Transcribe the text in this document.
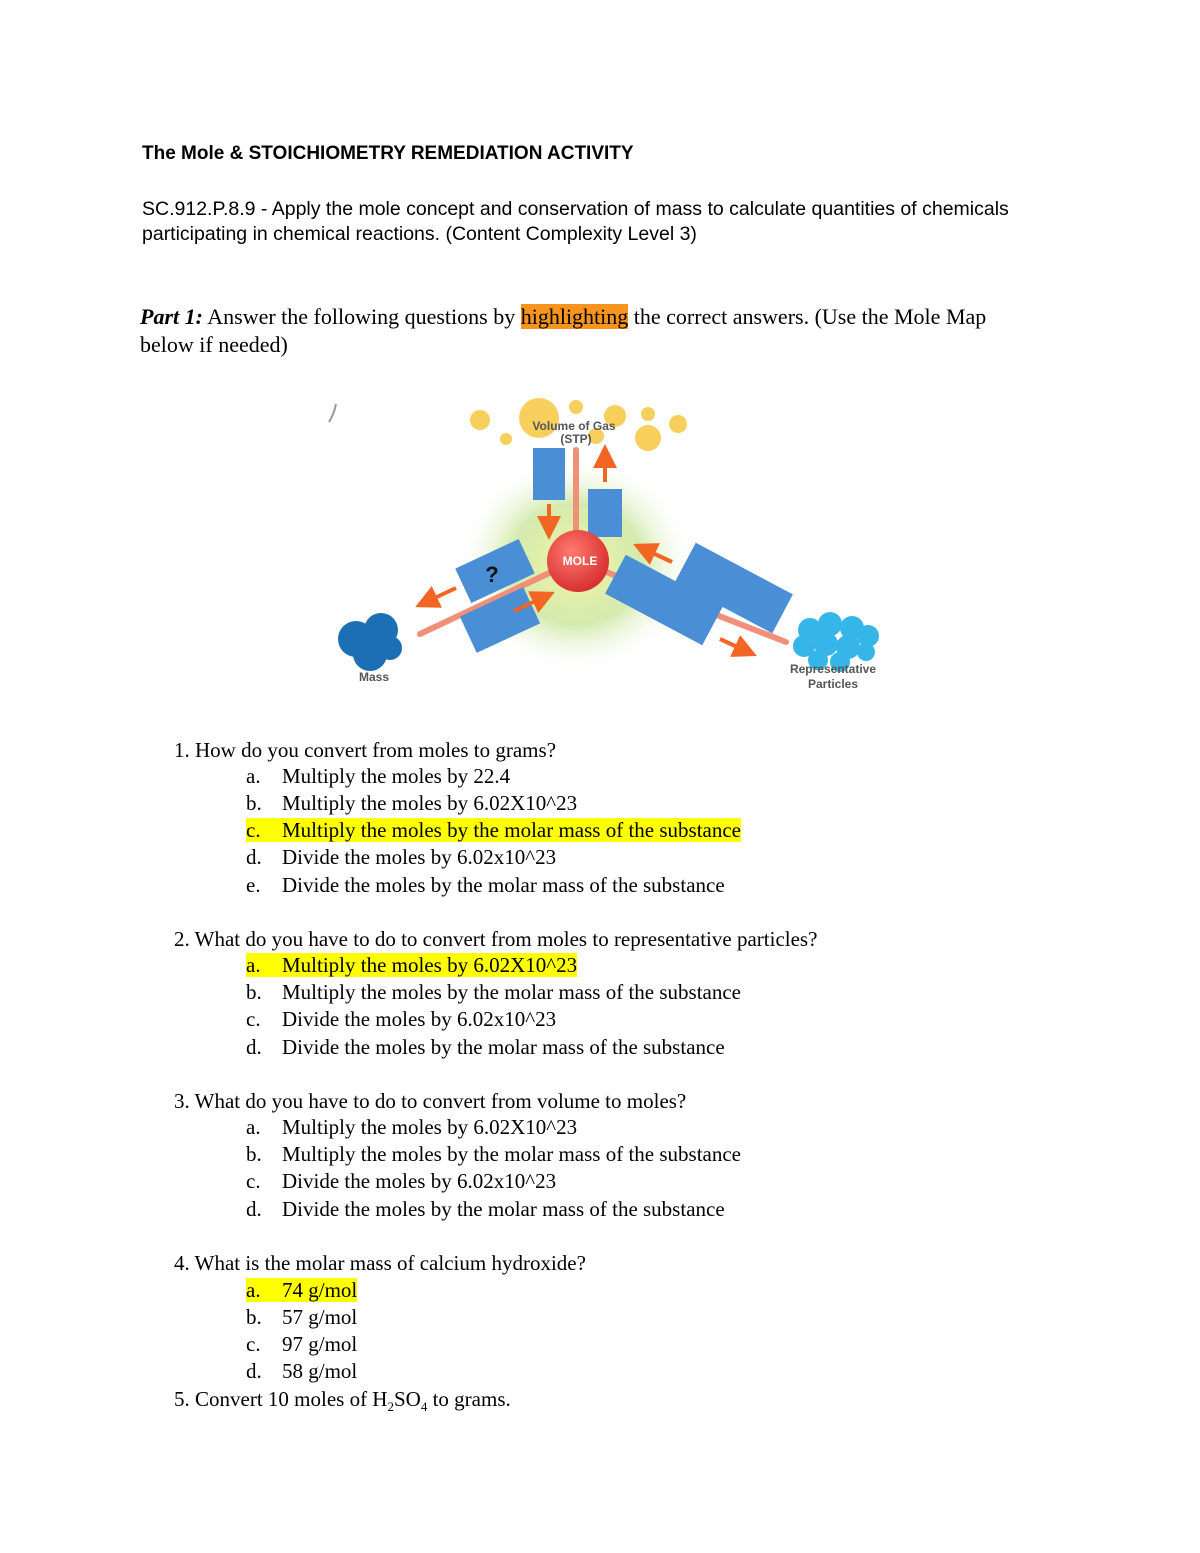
The Mole & STOICHIOMETRY REMEDIATION ACTIVITY

SC.912.P.8.9 - Apply the mole concept and conservation of mass to calculate quantities of chemicals participating in chemical reactions. (Content Complexity Level 3)

Part 1: Answer the following questions by highlighting the correct answers. (Use the Mole Map below if needed)

Volume of Gas
(STP)
?
MOLE
Mass
Representative
Particles

1. How do you convert from moles to grams?

a. Multiply the moles by 22.4

b. Multiply the moles by 6.02X10^23

c. Multiply the moles by the molar mass of the substance

d. Divide the moles by 6.02x10^23

e. Divide the moles by the molar mass of the substance

2. What do you have to do to convert from moles to representative particles?

a. Multiply the moles by 6.02X10^23

b. Multiply the moles by the molar mass of the substance

c. Divide the moles by 6.02x10^23

d. Divide the moles by the molar mass of the substance

3. What do you have to do to convert from volume to moles?

a. Multiply the moles by 6.02X10^23

b. Multiply the moles by the molar mass of the substance

c. Divide the moles by 6.02x10^23

d. Divide the moles by the molar mass of the substance

4. What is the molar mass of calcium hydroxide?

a. 74 g/mol

b. 57 g/mol

c. 97 g/mol

d. 58 g/mol

5. Convert 10 moles of $H_2SO_4$ to grams.
